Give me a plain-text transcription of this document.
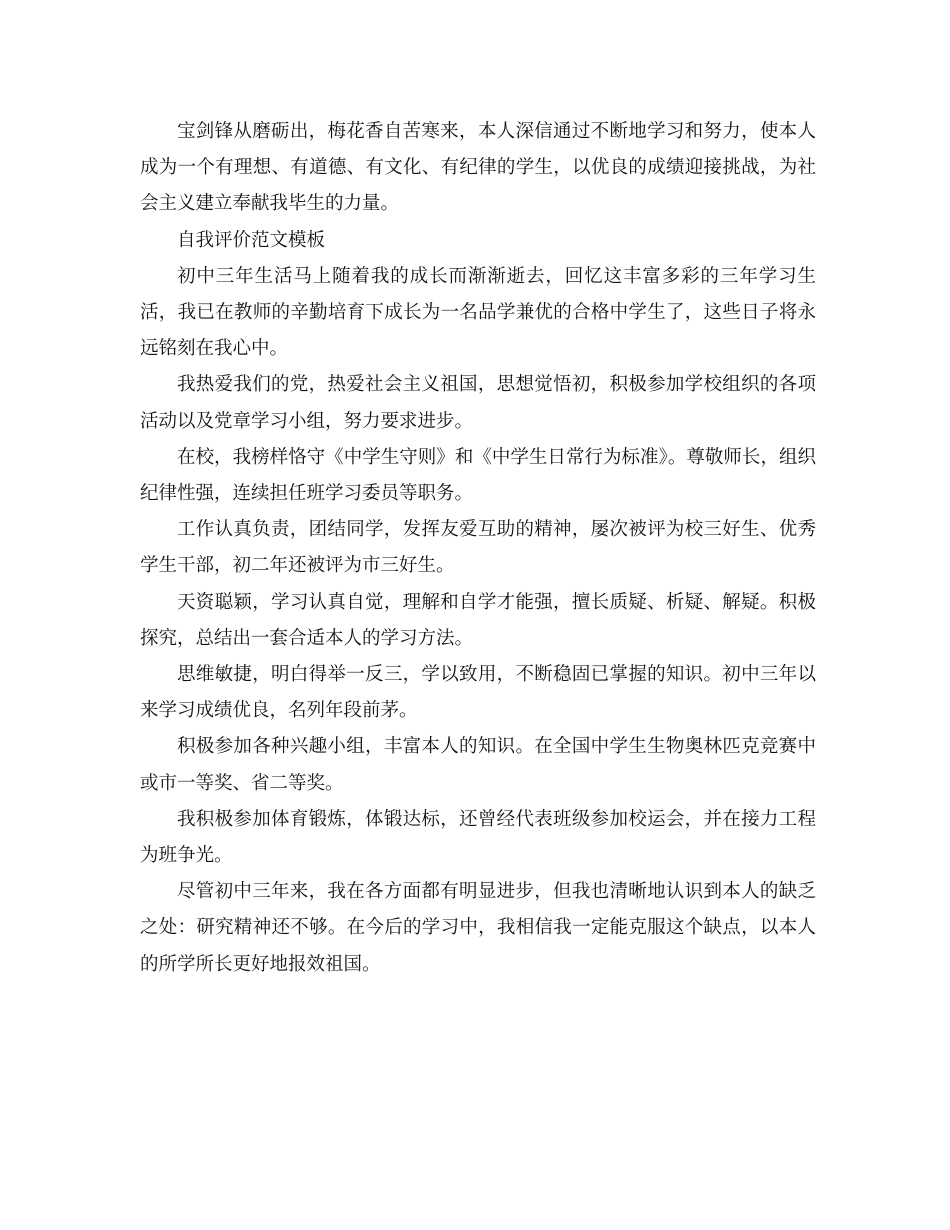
宝剑锋从磨砺出，梅花香自苦寒来，本人深信通过不断地学习和努力，使本人成为一个有理想、有道德、有文化、有纪律的学生，以优良的成绩迎接挑战，为社会主义建立奉献我毕生的力量。

自我评价范文模板

初中三年生活马上随着我的成长而渐渐逝去，回忆这丰富多彩的三年学习生活，我已在教师的辛勤培育下成长为一名品学兼优的合格中学生了，这些日子将永远铭刻在我心中。

我热爱我们的党，热爱社会主义祖国，思想觉悟初，积极参加学校组织的各项活动以及党章学习小组，努力要求进步。

在校，我榜样恪守《中学生守则》和《中学生日常行为标准》。尊敬师长，组织纪律性强，连续担任班学习委员等职务。

工作认真负责，团结同学，发挥友爱互助的精神，屡次被评为校三好生、优秀学生干部，初二年还被评为市三好生。

天资聪颖，学习认真自觉，理解和自学才能强，擅长质疑、析疑、解疑。积极探究，总结出一套合适本人的学习方法。

思维敏捷，明白得举一反三，学以致用，不断稳固已掌握的知识。初中三年以来学习成绩优良，名列年段前茅。

积极参加各种兴趣小组，丰富本人的知识。在全国中学生生物奥林匹克竞赛中或市一等奖、省二等奖。

我积极参加体育锻炼，体锻达标，还曾经代表班级参加校运会，并在接力工程为班争光。

尽管初中三年来，我在各方面都有明显进步，但我也清晰地认识到本人的缺乏之处：研究精神还不够。在今后的学习中，我相信我一定能克服这个缺点，以本人的所学所长更好地报效祖国。
